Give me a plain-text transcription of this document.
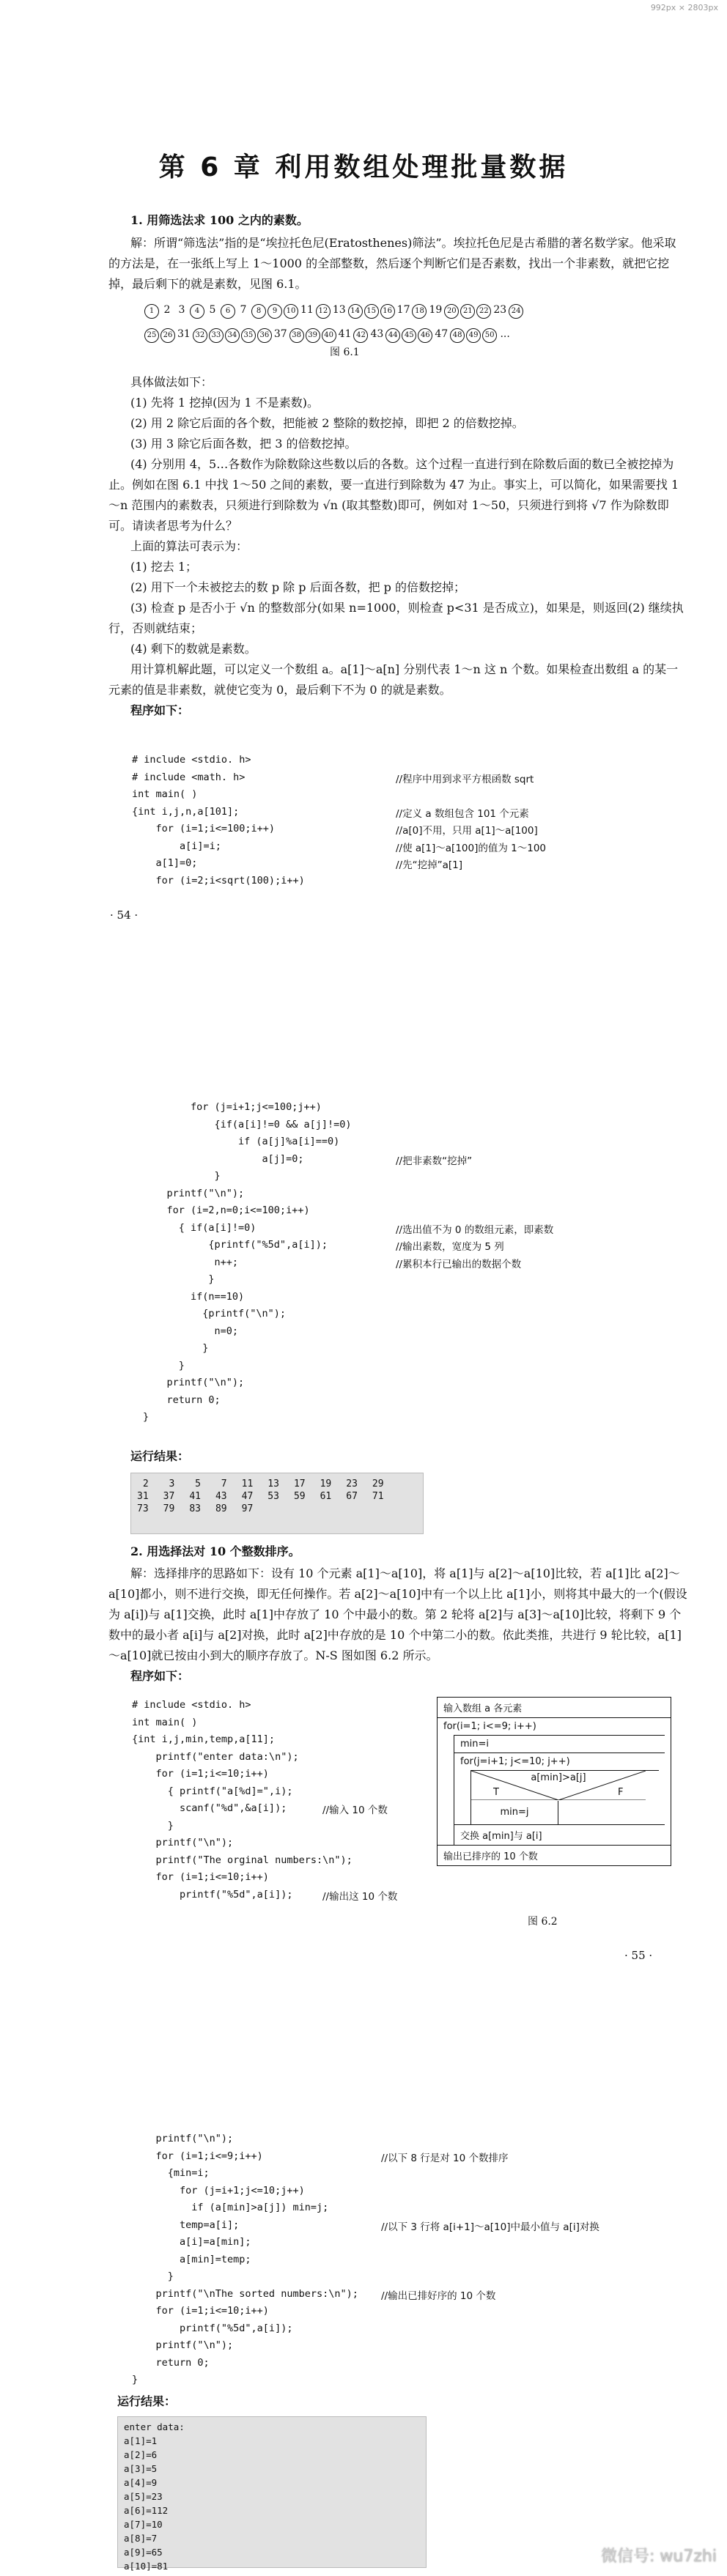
992px × 2803px
第 6 章 利用数组处理批量数据

1. 用筛选法求 100 之内的素数。

解：所谓“筛选法”指的是“埃拉托色尼(Eratosthenes)筛法”。埃拉托色尼是古希腊的著名数学家。他采取的方法是，在一张纸上写上 1～1000 的全部整数，然后逐个判断它们是否素数，找出一个非素数，就把它挖掉，最后剩下的就是素数，见图 6.1。

1 2 3 4 5 6 7 8 9 10 11 12 13 14 15 16 17 18 19 20 21 22 23 24
25 26 31 32 33 34 35 36 37 38 39 40 41 42 43 44 45 46 47 48 49 50 ...
图 6.1

具体做法如下：

(1) 先将 1 挖掉(因为 1 不是素数)。

(2) 用 2 除它后面的各个数，把能被 2 整除的数挖掉，即把 2 的倍数挖掉。

(3) 用 3 除它后面各数，把 3 的倍数挖掉。

(4) 分别用 4，5…各数作为除数除这些数以后的各数。这个过程一直进行到在除数后面的数已全被挖掉为止。例如在图 6.1 中找 1～50 之间的素数，要一直进行到除数为 47 为止。事实上，可以简化，如果需要找 1～n 范围内的素数表，只须进行到除数为 √n (取其整数)即可，例如对 1～50，只须进行到将 √7 作为除数即可。请读者思考为什么？

上面的算法可表示为：

(1) 挖去 1；

(2) 用下一个未被挖去的数 p 除 p 后面各数，把 p 的倍数挖掉；

(3) 检查 p 是否小于 √n 的整数部分(如果 n=1000，则检查 p<31 是否成立)，如果是，则返回(2) 继续执行，否则就结束；

(4) 剩下的数就是素数。

用计算机解此题，可以定义一个数组 a。a[1]～a[n] 分别代表 1～n 这 n 个数。如果检查出数组 a 的某一元素的值是非素数，就使它变为 0，最后剩下不为 0 的就是素数。

程序如下：

# include <stdio. h>
# include <math. h>	//程序中用到求平方根函数 sqrt
int main( )
{int i,j,n,a[101];	//定义 a 数组包含 101 个元素
for (i=1;i<=100;i++)	//a[0]不用，只用 a[1]～a[100]
a[i]=i;	//使 a[1]～a[100]的值为 1～100
a[1]=0;	//先“挖掉”a[1]
for (i=2;i<sqrt(100);i++)
· 54 ·
for (j=i+1;j<=100;j++)
{if(a[i]!=0 && a[j]!=0)
if (a[j]%a[i]==0)
a[j]=0;	//把非素数“挖掉”
}
printf("\n");
for (i=2,n=0;i<=100;i++)
{ if(a[i]!=0)	//选出值不为 0 的数组元素，即素数
{printf("%5d",a[i]);	//输出素数，宽度为 5 列
n++;	//累积本行已输出的数据个数
}
if(n==10)
{printf("\n");
n=0;
}
}
printf("\n");
return 0;
}

运行结果：

2	3	5	7	11	13	17	19	23	29
31	37	41	43	47	53	59	61	67	71
73	79	83	89	97					

2. 用选择法对 10 个整数排序。

解：选择排序的思路如下：设有 10 个元素 a[1]～a[10]，将 a[1]与 a[2]～a[10]比较，若 a[1]比 a[2]～a[10]都小，则不进行交换，即无任何操作。若 a[2]～a[10]中有一个以上比 a[1]小，则将其中最大的一个(假设为 a[i])与 a[1]交换，此时 a[1]中存放了 10 个中最小的数。第 2 轮将 a[2]与 a[3]～a[10]比较，将剩下 9 个数中的最小者 a[i]与 a[2]对换，此时 a[2]中存放的是 10 个中第二小的数。依此类推，共进行 9 轮比较，a[1]～a[10]就已按由小到大的顺序存放了。N-S 图如图 6.2 所示。

程序如下：

# include <stdio. h>
int main( )
{int i,j,min,temp,a[11];
printf("enter data:\n");
for (i=1;i<=10;i++)
{ printf("a[%d]=",i);
scanf("%d",&a[i]);	//输入 10 个数
}
printf("\n");
printf("The orginal numbers:\n");
for (i=1;i<=10;i++)
printf("%5d",a[i]);	//输出这 10 个数
输入数组 a 各元素
for(i=1; i<=9; i++)
min=i
for(j=i+1; j<=10; j++)
a[min]>a[j]
T	F
min=j
交换 a[min]与 a[i]
输出已排序的 10 个数
图 6.2
· 55 ·
printf("\n");
for (i=1;i<=9;i++)	//以下 8 行是对 10 个数排序
{min=i;
for (j=i+1;j<=10;j++)
if (a[min]>a[j]) min=j;
temp=a[i];	//以下 3 行将 a[i+1]～a[10]中最小值与 a[i]对换
a[i]=a[min];
a[min]=temp;
}
printf("\nThe sorted numbers:\n"); //输出已排好序的 10 个数
for (i=1;i<=10;i++)
printf("%5d",a[i]);
printf("\n");
return 0;
}

运行结果：

enter data:
a[1]=1
a[2]=6
a[3]=5
a[4]=9
a[5]=23
a[6]=112
a[7]=10
a[8]=7
a[9]=65
a[10]=81
微信号: wu7zhi
